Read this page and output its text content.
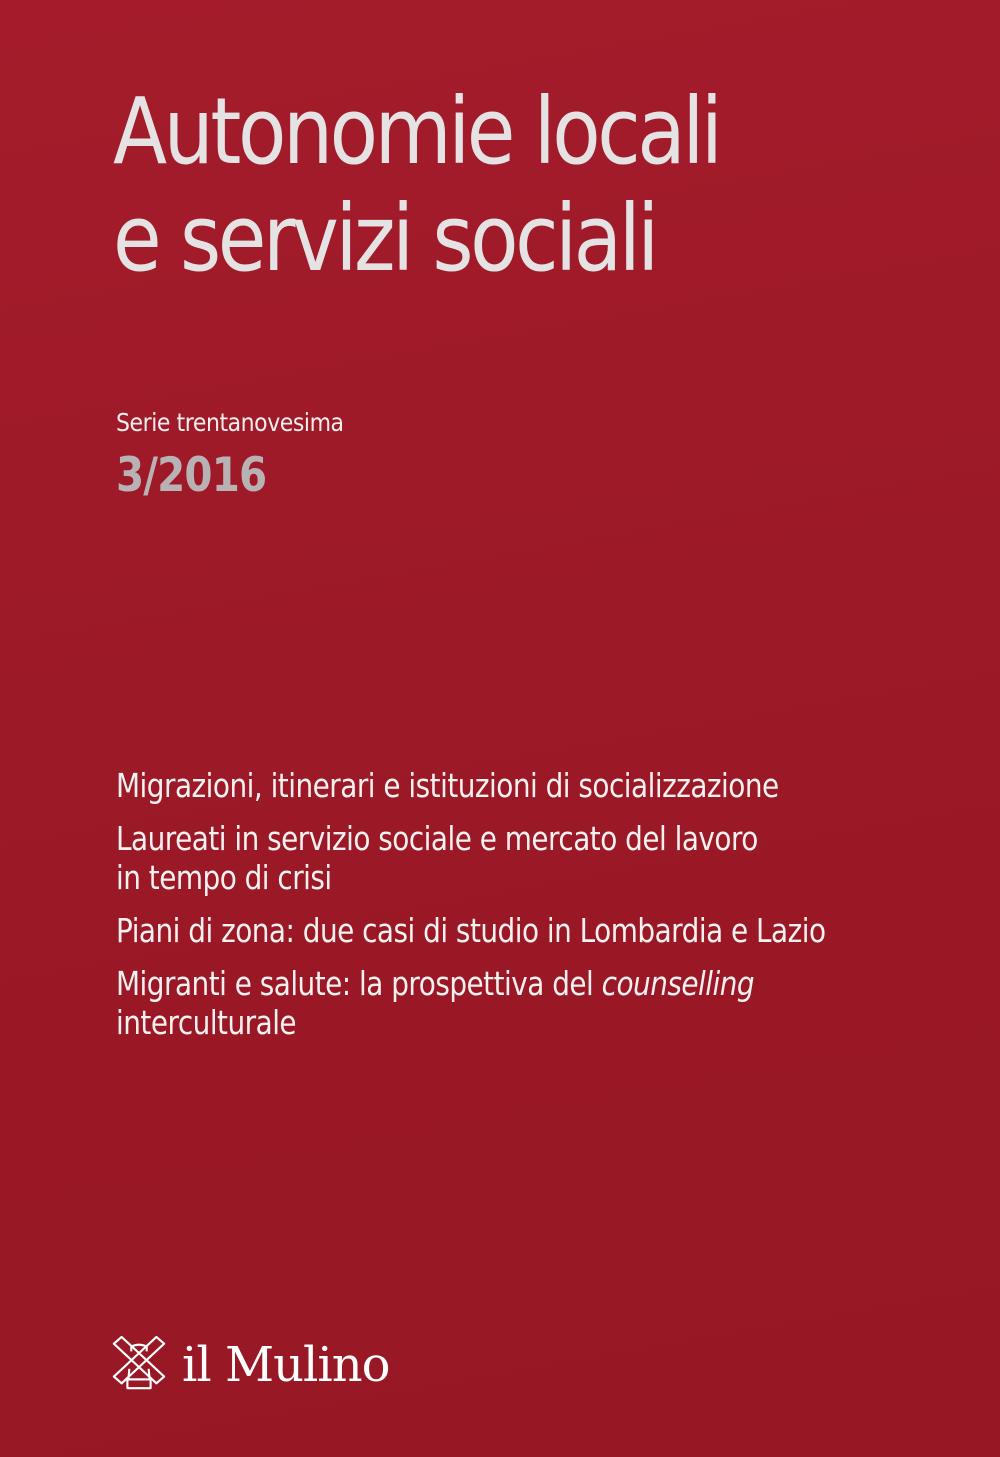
Autonomie locali
e servizi sociali
Serie trentanovesima
3/2016
Migrazioni, itinerari e istituzioni di socializzazione
Laureati in servizio sociale e mercato del lavoro
in tempo di crisi
Piani di zona: due casi di studio in Lombardia e Lazio
Migranti e salute: la prospettiva del counselling
interculturale
il Mulino
